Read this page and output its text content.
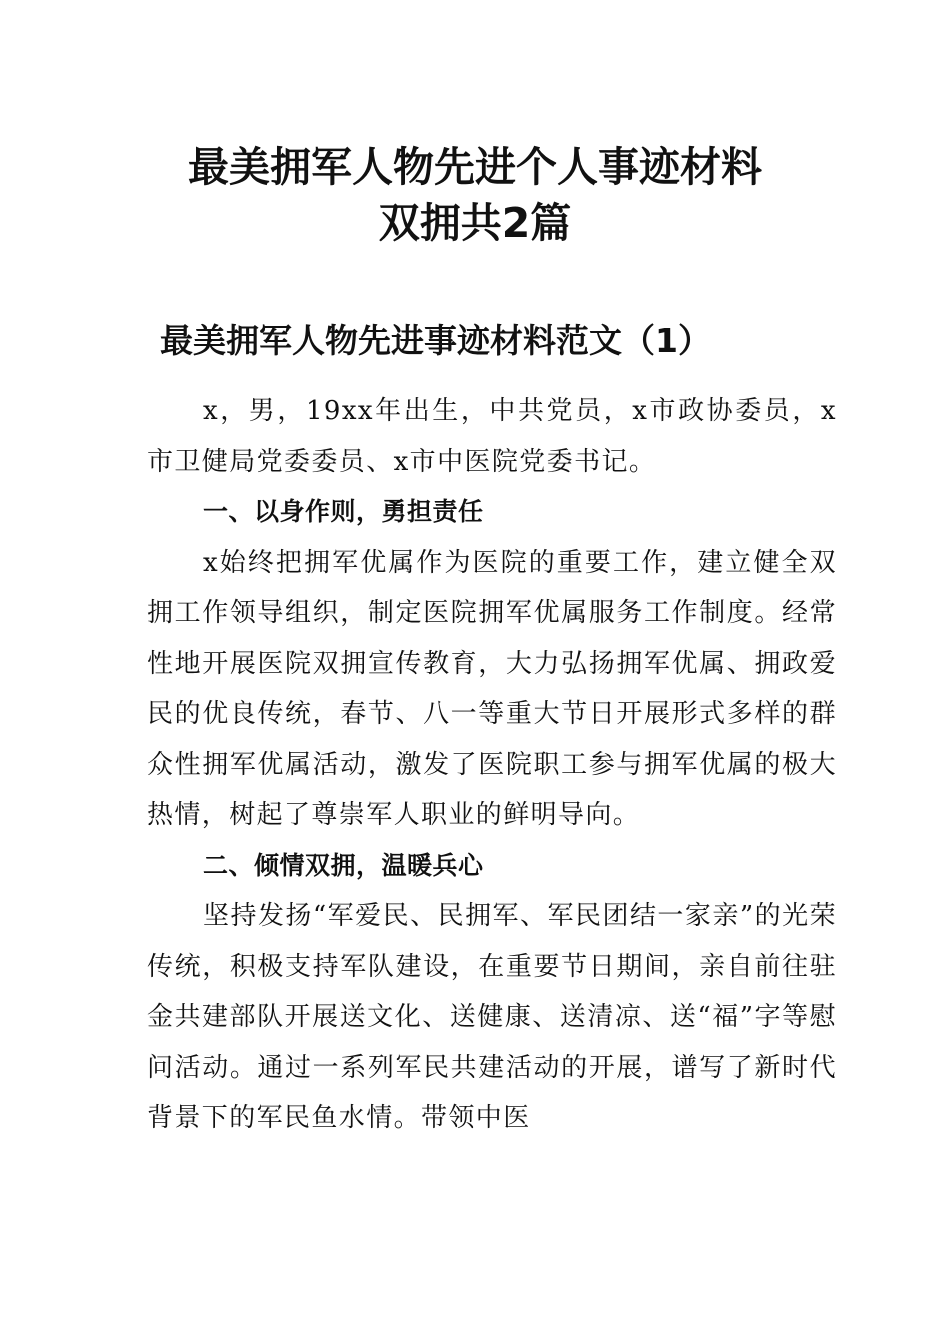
最美拥军人物先进个人事迹材料
双拥共2篇
最美拥军人物先进事迹材料范文（1）

x，男，19xx年出生，中共党员，x市政协委员，x市卫健局党委委员、x市中医院党委书记。

一、以身作则，勇担责任

x始终把拥军优属作为医院的重要工作，建立健全双拥工作领导组织，制定医院拥军优属服务工作制度。经常性地开展医院双拥宣传教育，大力弘扬拥军优属、拥政爱民的优良传统，春节、八一等重大节日开展形式多样的群众性拥军优属活动，激发了医院职工参与拥军优属的极大热情，树起了尊崇军人职业的鲜明导向。

二、倾情双拥，温暖兵心

坚持发扬“军爱民、民拥军、军民团结一家亲”的光荣传统，积极支持军队建设，在重要节日期间，亲自前往驻金共建部队开展送文化、送健康、送清凉、送“福”字等慰问活动。通过一系列军民共建活动的开展，谱写了新时代背景下的军民鱼水情。带领中医
